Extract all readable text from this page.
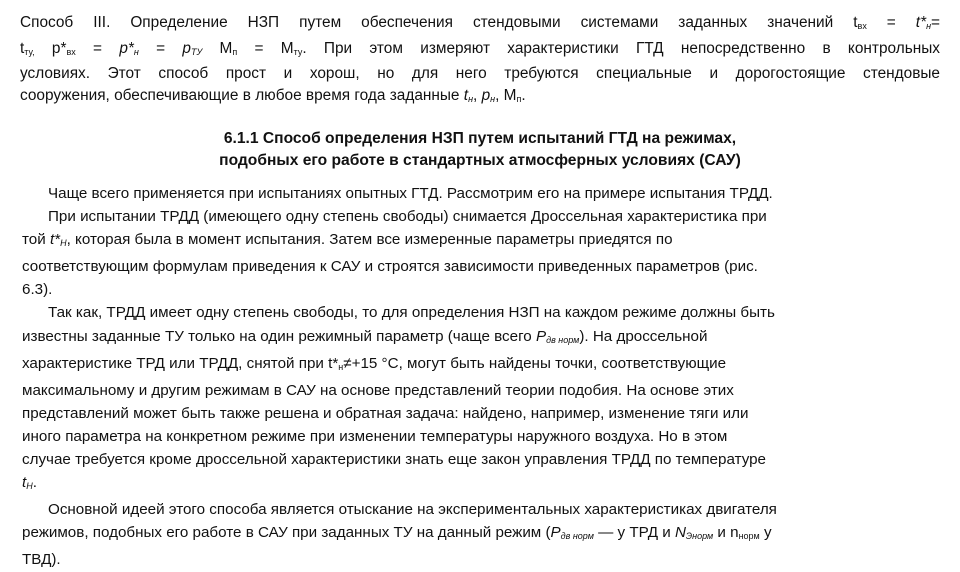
Способ III. Определение НЗП путем обеспечения стендовыми системами заданных значений $t_{вх} = t*_н=$
$t_{ту,}$ $p*_{вх} = p*_н = p_{ТУ}$ $M_п = M_{ту}$. При этом измеряют характеристики ГТД непосредственно в контрольных
условиях. Этот способ прост и хорош, но для него требуются специальные и дорогостоящие стендовые
сооружения, обеспечивающие в любое время года заданные $t_н$, $p_н$, $M_п$.
6.1.1 Способ определения НЗП путем испытаний ГТД на режимах,
подобных его работе в стандартных атмосферных условиях (САУ)
Чаще всего применяется при испытаниях опытных ГТД. Рассмотрим его на примере испытания ТРДД.
При испытании ТРДД (имеющего одну степень свободы) снимается Дроссельная характеристика при
той $t*_Н$, которая была в момент испытания. Затем все измеренные параметры приедятся по
соответствующим формулам приведения к САУ и строятся зависимости приведенных параметров (рис.
6.3).
Так как, ТРДД имеет одну степень свободы, то для определения НЗП на каждом режиме должны быть
известны заданные ТУ только на один режимный параметр (чаще всего $Р_{дв норм}$). На дроссельной
характеристике ТРД или ТРДД, снятой при $t*_н\ne+15$ °С, могут быть найдены точки, соответствующие
максимальному и другим режимам в САУ на основе представлений теории подобия. На основе этих
представлений может быть также решена и обратная задача: найдено, например, изменение тяги или
иного параметра на конкретном режиме при изменении температуры наружного воздуха. Но в этом
случае требуется кроме дроссельной характеристики знать еще закон управления ТРДД по температуре
$t_Н$.
Основной идеей этого способа является отыскание на экспериментальных характеристиках двигателя
режимов, подобных его работе в САУ при заданных ТУ на данный режим ($Р_{дв норм}$ — у ТРД и $N_{Энорм}$ и $n_{норм}$ у
ТВД).
